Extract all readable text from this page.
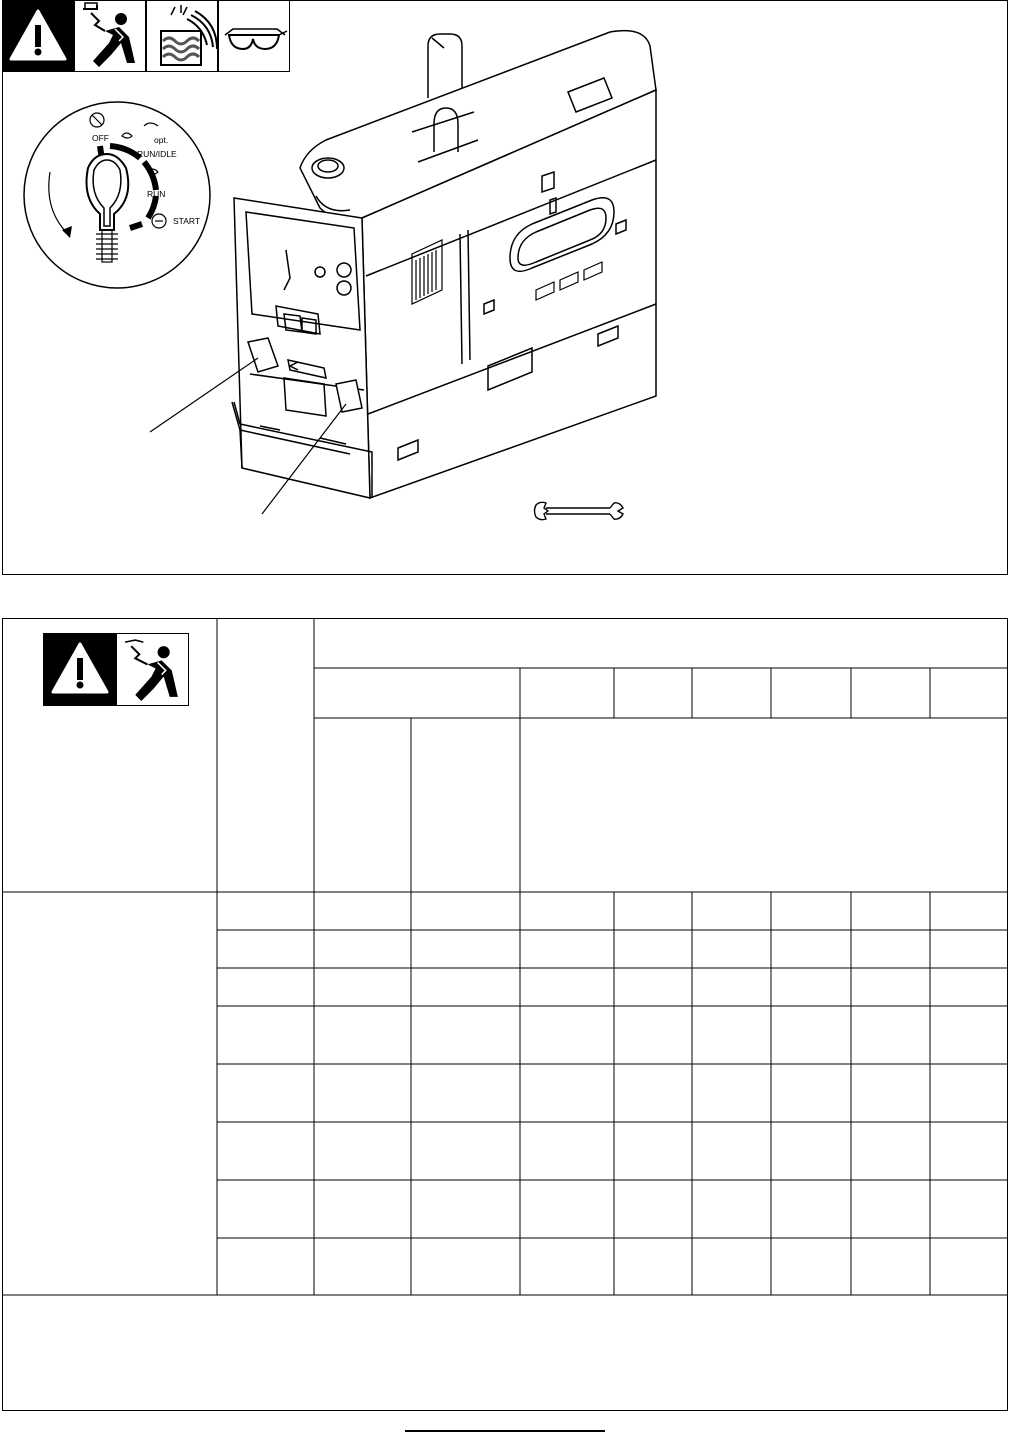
OFF	opt.
RUN/IDLE
RUN
START
